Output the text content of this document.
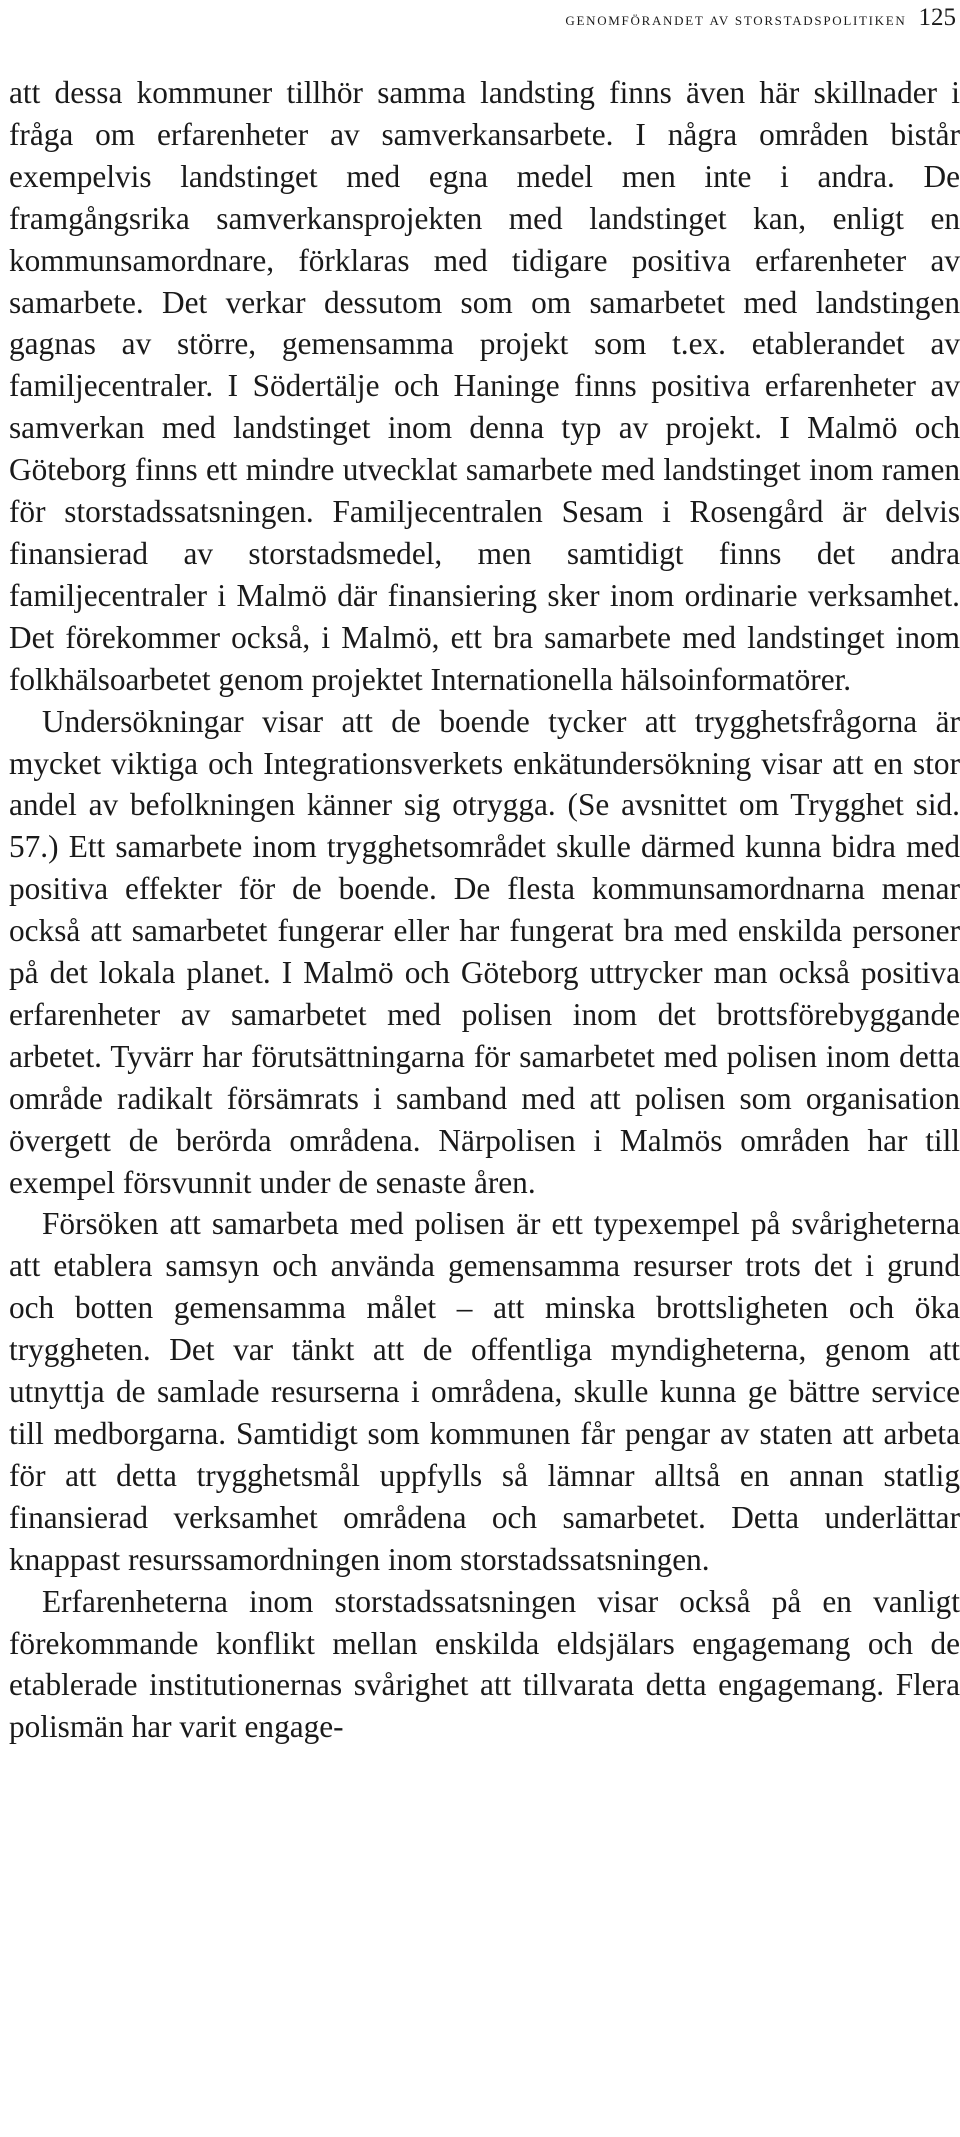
genomförandet av storstadspolitiken 125

att dessa kommuner tillhör samma landsting finns även här skillnader i fråga om erfarenheter av samverkansarbete. I några områden bistår exempelvis landstinget med egna medel men inte i andra. De framgångsrika samverkansprojekten med landstinget kan, enligt en kommunsamordnare, förklaras med tidigare positiva erfarenheter av samarbete. Det verkar dessutom som om samarbetet med landstingen gagnas av större, gemensamma projekt som t.ex. etablerandet av familjecentraler. I Södertälje och Haninge finns positiva erfarenheter av samverkan med landstinget inom denna typ av projekt. I Malmö och Göteborg finns ett mindre utvecklat samarbete med landstinget inom ramen för storstadssatsningen. Familjecentralen Sesam i Rosengård är delvis finansierad av storstadsmedel, men samtidigt finns det andra familjecentraler i Malmö där finansiering sker inom ordinarie verksamhet. Det förekommer också, i Malmö, ett bra samarbete med landstinget inom folkhälsoarbetet genom projektet Internationella hälsoinformatörer.

Undersökningar visar att de boende tycker att trygghetsfrågorna är mycket viktiga och Integrationsverkets enkätundersökning visar att en stor andel av befolkningen känner sig otrygga. (Se avsnittet om Trygghet sid. 57.) Ett samarbete inom trygghetsområdet skulle därmed kunna bidra med positiva effekter för de boende. De flesta kommunsamordnarna menar också att samarbetet fungerar eller har fungerat bra med enskilda personer på det lokala planet. I Malmö och Göteborg uttrycker man också positiva erfarenheter av samarbetet med polisen inom det brottsförebyggande arbetet. Tyvärr har förutsättningarna för samarbetet med polisen inom detta område radikalt försämrats i samband med att polisen som organisation övergett de berörda områdena. Närpolisen i Malmös områden har till exempel försvunnit under de senaste åren.

Försöken att samarbeta med polisen är ett typexempel på svårigheterna att etablera samsyn och använda gemensamma resurser trots det i grund och botten gemensamma målet – att minska brottsligheten och öka tryggheten. Det var tänkt att de offentliga myndigheterna, genom att utnyttja de samlade resurserna i områdena, skulle kunna ge bättre service till medborgarna. Samtidigt som kommunen får pengar av staten att arbeta för att detta trygghetsmål uppfylls så lämnar alltså en annan statlig finansierad verksamhet områdena och samarbetet. Detta underlättar knappast resurssamordningen inom storstadssatsningen.

Erfarenheterna inom storstadssatsningen visar också på en vanligt förekommande konflikt mellan enskilda eldsjälars engagemang och de etablerade institutionernas svårighet att tillvarata detta engagemang. Flera polismän har varit engage-
